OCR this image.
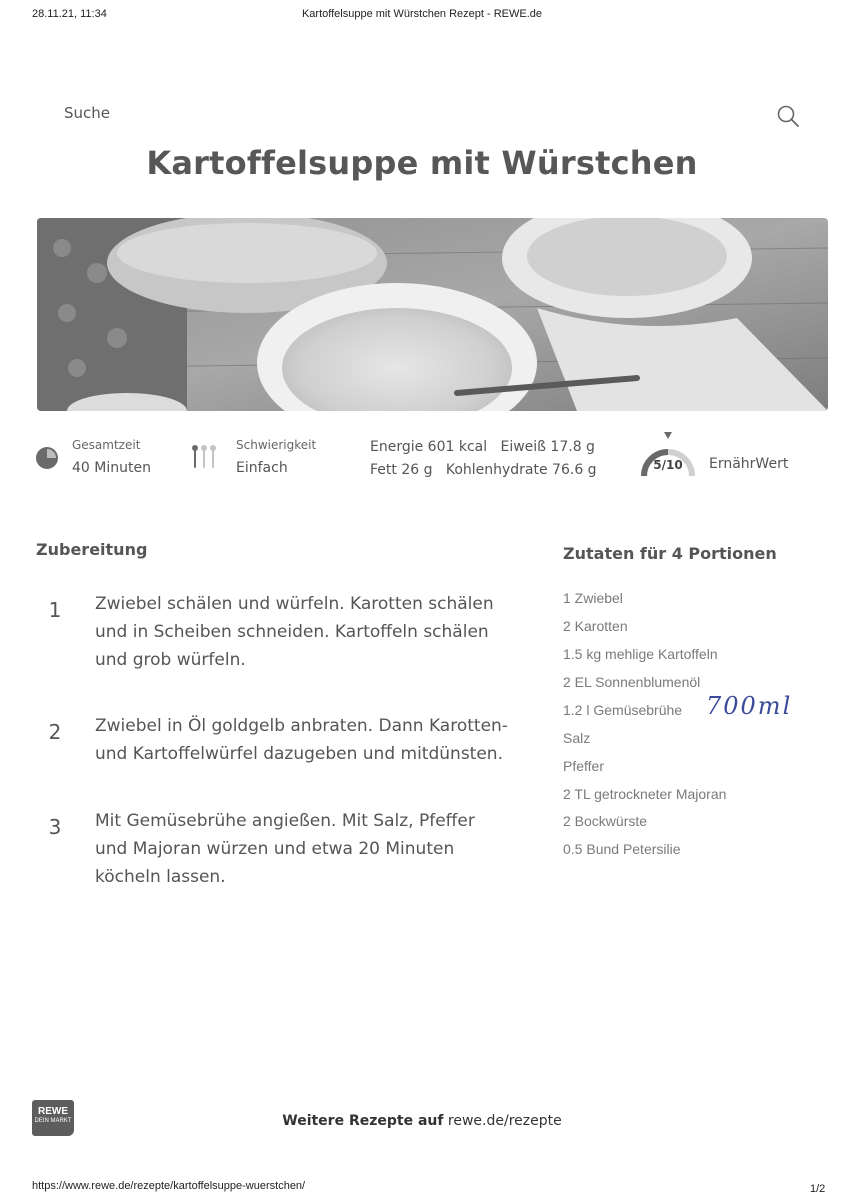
28.11.21, 11:34	Kartoffelsuppe mit Würstchen Rezept - REWE.de
Suche
Kartoffelsuppe mit Würstchen
Gesamtzeit
40 Minuten
Schwierigkeit
Einfach
Energie 601 kcal   Eiweiß 17.8 g
Fett 26 g   Kohlenhydrate 76.6 g	5/10	ErnährWert
Zubereitung
1	Zwiebel schälen und würfeln. Karotten schälen
und in Scheiben schneiden. Kartoffeln schälen
und grob würfeln.
2	Zwiebel in Öl goldgelb anbraten. Dann Karotten-
und Kartoffelwürfel dazugeben und mitdünsten.
3	Mit Gemüsebrühe angießen. Mit Salz, Pfeffer
und Majoran würzen und etwa 20 Minuten
köcheln lassen.
Zutaten für 4 Portionen
1 Zwiebel
2 Karotten
1.5 kg mehlige Kartoffeln
2 EL Sonnenblumenöl
1.2 l Gemüsebrühe
Salz
Pfeffer
2 TL getrockneter Majoran
2 Bockwürste
0.5 Bund Petersilie
700ml
REWE
DEIN MARKT	Weitere Rezepte auf rewe.de/rezepte
https://www.rewe.de/rezepte/kartoffelsuppe-wuerstchen/	1/2
